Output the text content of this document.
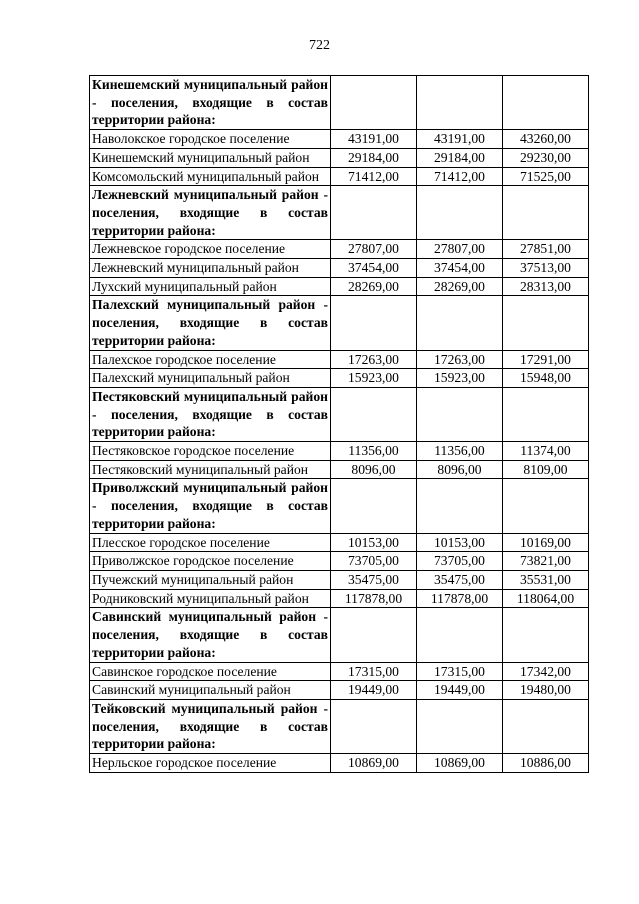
722
Кинешемский муниципальный район - поселения, входящие в состав территории района:			
Наволокское городское поселение	43191,00	43191,00	43260,00
Кинешемский муниципальный район	29184,00	29184,00	29230,00
Комсомольский муниципальный район	71412,00	71412,00	71525,00
Лежневский муниципальный район - поселения, входящие в состав территории района:			
Лежневское городское поселение	27807,00	27807,00	27851,00
Лежневский муниципальный район	37454,00	37454,00	37513,00
Лухский муниципальный район	28269,00	28269,00	28313,00
Палехский муниципальный район - поселения, входящие в состав территории района:			
Палехское городское поселение	17263,00	17263,00	17291,00
Палехский муниципальный район	15923,00	15923,00	15948,00
Пестяковский муниципальный район - поселения, входящие в состав территории района:			
Пестяковское городское поселение	11356,00	11356,00	11374,00
Пестяковский муниципальный район	8096,00	8096,00	8109,00
Приволжский муниципальный район - поселения, входящие в состав территории района:			
Плесское городское поселение	10153,00	10153,00	10169,00
Приволжское городское поселение	73705,00	73705,00	73821,00
Пучежский муниципальный район	35475,00	35475,00	35531,00
Родниковский муниципальный район	117878,00	117878,00	118064,00
Савинский муниципальный район - поселения, входящие в состав территории района:			
Савинское городское поселение	17315,00	17315,00	17342,00
Савинский муниципальный район	19449,00	19449,00	19480,00
Тейковский муниципальный район - поселения, входящие в состав территории района:			
Нерльское городское поселение	10869,00	10869,00	10886,00
